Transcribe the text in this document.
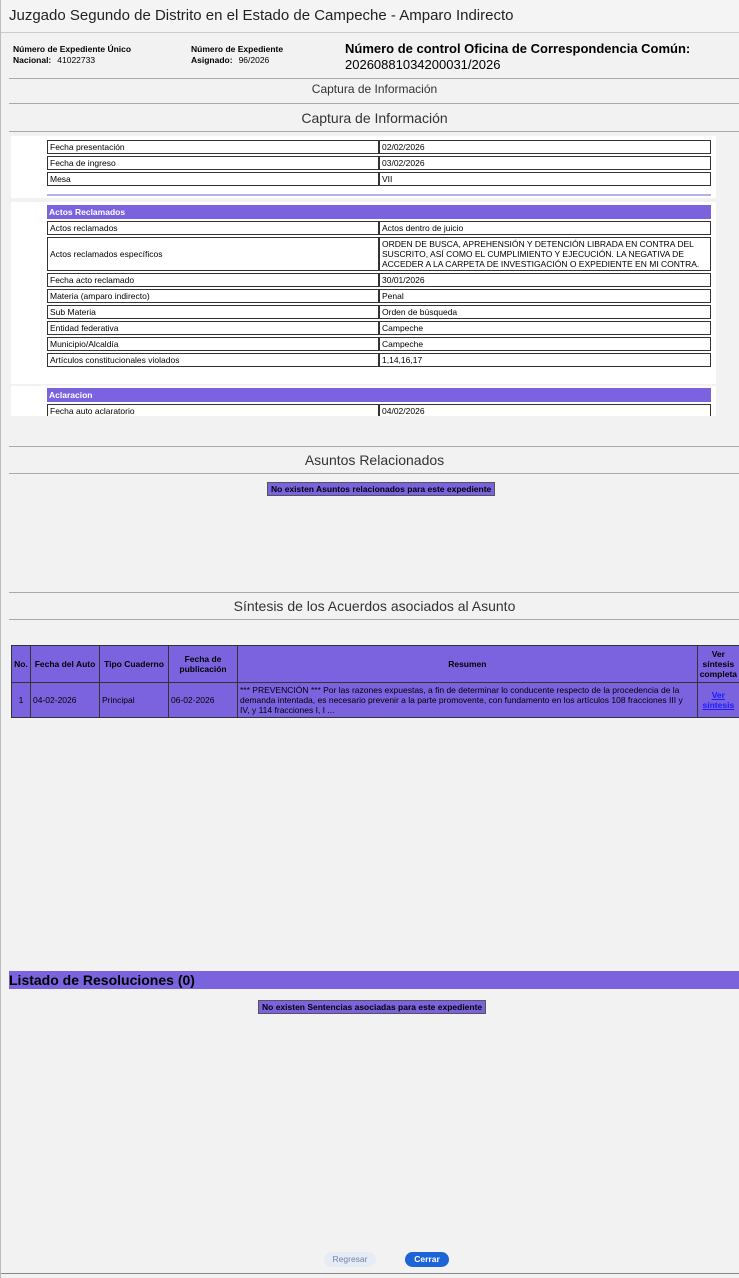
Juzgado Segundo de Distrito en el Estado de Campeche - Amparo Indirecto
Número de Expediente Único
Nacional: 41022733
Número de Expediente
Asignado: 96/2026
Número de control Oficina de Correspondencia Común:
20260881034200031/2026
Captura de Información
Captura de Información
Fecha presentación	02/02/2026
Fecha de ingreso	03/02/2026
Mesa	VII
Actos Reclamados
Actos reclamados	Actos dentro de juicio
Actos reclamados específicos	ORDEN DE BUSCA, APREHENSIÓN Y DETENCIÓN LIBRADA EN CONTRA DEL SUSCRITO, ASÍ COMO EL CUMPLIMIENTO Y EJECUCIÓN. LA NEGATIVA DE ACCEDER A LA CARPETA DE INVESTIGACIÓN O EXPEDIENTE EN MI CONTRA.
Fecha acto reclamado	30/01/2026
Materia (amparo indirecto)	Penal
Sub Materia	Orden de búsqueda
Entidad federativa	Campeche
Municipio/Alcaldía	Campeche
Artículos constitucionales violados	1,14,16,17
Aclaracion
Fecha auto aclaratorio	04/02/2026
Asuntos Relacionados
No existen Asuntos relacionados para este expediente
Síntesis de los Acuerdos asociados al Asunto
No.	Fecha del Auto	Tipo Cuaderno	Fecha de publicación	Resumen	Ver síntesis completa
1	04-02-2026	Principal	06-02-2026	*** PREVENCIÓN *** Por las razones expuestas, a fin de determinar lo conducente respecto de la procedencia de la demanda intentada, es necesario prevenir a la parte promovente, con fundamento en los artículos 108 fracciones III y IV, y 114 fracciones I, I ...	Ver síntesis
Listado de Resoluciones (0)
No existen Sentencias asociadas para este expediente
Regresar	Cerrar
